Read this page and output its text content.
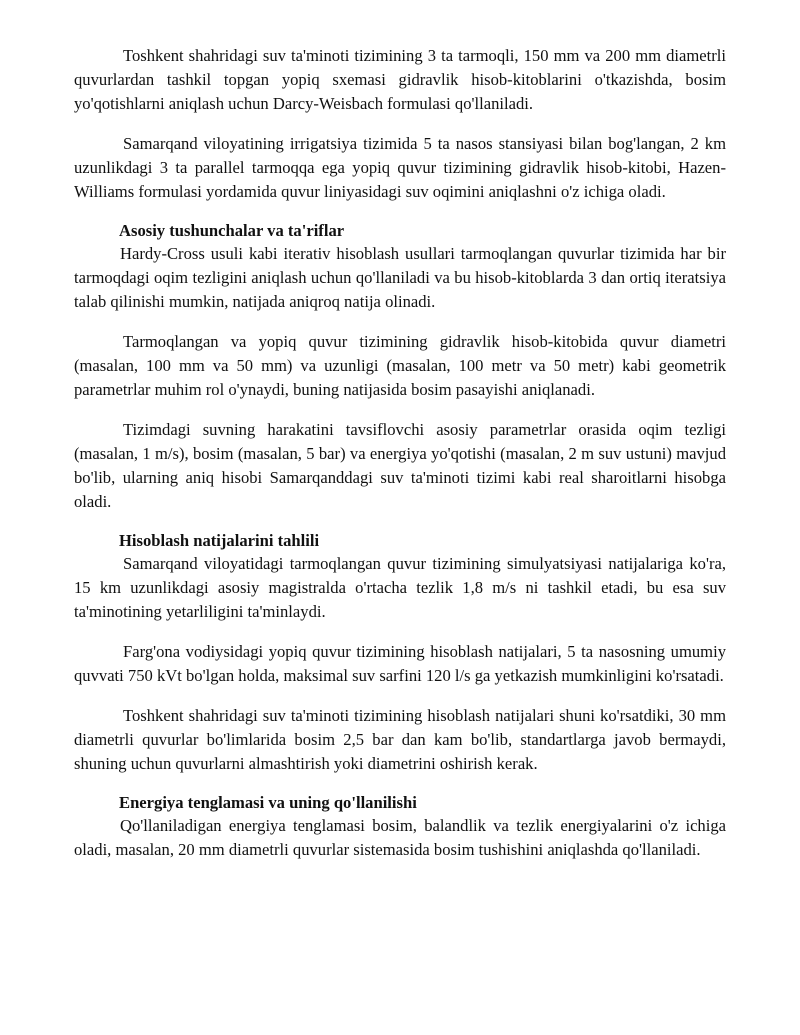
Toshkent shahridagi suv ta'minoti tizimining 3 ta tarmoqli, 150 mm va 200 mm diametrli quvurlardan tashkil topgan yopiq sxemasi gidravlik hisob-kitoblarini o'tkazishda, bosim yo'qotishlarni aniqlash uchun Darcy-Weisbach formulasi qo'llaniladi.

Samarqand viloyatining irrigatsiya tizimida 5 ta nasos stansiyasi bilan bog'langan, 2 km uzunlikdagi 3 ta parallel tarmoqqa ega yopiq quvur tizimining gidravlik hisob-kitobi, Hazen-Williams formulasi yordamida quvur liniyasidagi suv oqimini aniqlashni o'z ichiga oladi.

Asosiy tushunchalar va ta'riflar

Hardy-Cross usuli kabi iterativ hisoblash usullari tarmoqlangan quvurlar tizimida har bir tarmoqdagi oqim tezligini aniqlash uchun qo'llaniladi va bu hisob-kitoblarda 3 dan ortiq iteratsiya talab qilinishi mumkin, natijada aniqroq natija olinadi.

Tarmoqlangan va yopiq quvur tizimining gidravlik hisob-kitobida quvur diametri (masalan, 100 mm va 50 mm) va uzunligi (masalan, 100 metr va 50 metr) kabi geometrik parametrlar muhim rol o'ynaydi, buning natijasida bosim pasayishi aniqlanadi.

Tizimdagi suvning harakatini tavsiflovchi asosiy parametrlar orasida oqim tezligi (masalan, 1 m/s), bosim (masalan, 5 bar) va energiya yo'qotishi (masalan, 2 m suv ustuni) mavjud bo'lib, ularning aniq hisobi Samarqanddagi suv ta'minoti tizimi kabi real sharoitlarni hisobga oladi.

Hisoblash natijalarini tahlili

Samarqand viloyatidagi tarmoqlangan quvur tizimining simulyatsiyasi natijalariga ko'ra, 15 km uzunlikdagi asosiy magistralda o'rtacha tezlik 1,8 m/s ni tashkil etadi, bu esa suv ta'minotining yetarliligini ta'minlaydi.

Farg'ona vodiysidagi yopiq quvur tizimining hisoblash natijalari, 5 ta nasosning umumiy quvvati 750 kVt bo'lgan holda, maksimal suv sarfini 120 l/s ga yetkazish mumkinligini ko'rsatadi.

Toshkent shahridagi suv ta'minoti tizimining hisoblash natijalari shuni ko'rsatdiki, 30 mm diametrli quvurlar bo'limlarida bosim 2,5 bar dan kam bo'lib, standartlarga javob bermaydi, shuning uchun quvurlarni almashtirish yoki diametrini oshirish kerak.

Energiya tenglamasi va uning qo'llanilishi

Qo'llaniladigan energiya tenglamasi bosim, balandlik va tezlik energiyalarini o'z ichiga oladi, masalan, 20 mm diametrli quvurlar sistemasida bosim tushishini aniqlashda qo'llaniladi.
